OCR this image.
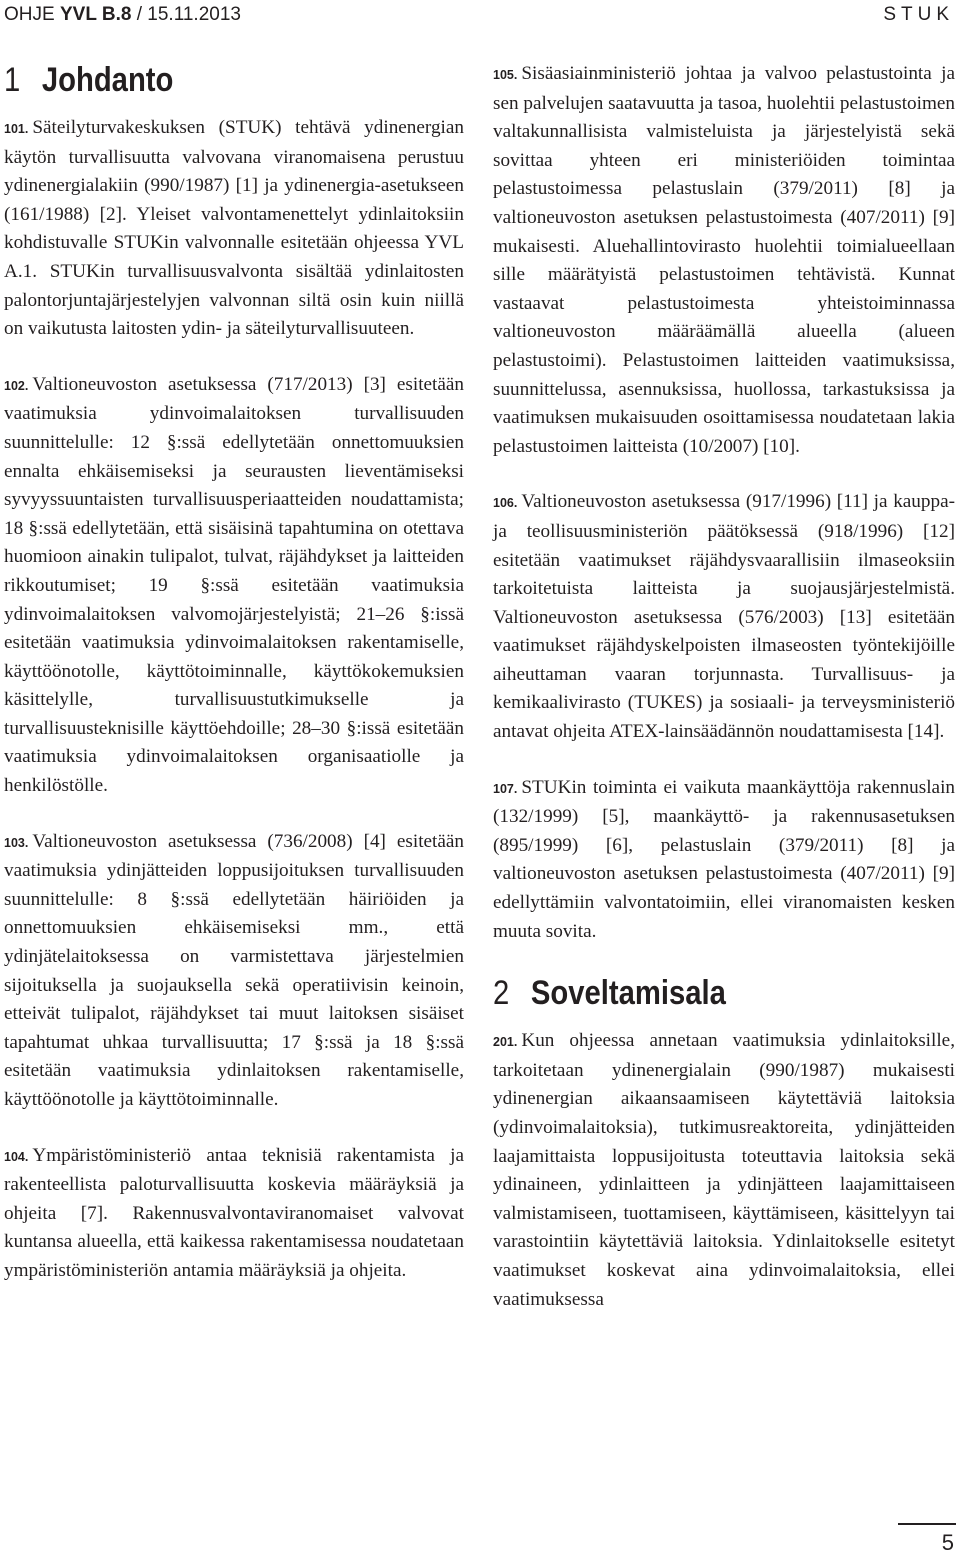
OHJE YVL B.8 / 15.11.2013	STUK
1 Johdanto

101. Säteilyturvakeskuksen (STUK) tehtävä ydinenergian käytön turvallisuutta valvovana viranomaisena perustuu ydinenergialakiin (990/1987) [1] ja ydinenergia-asetukseen (161/1988) [2]. Yleiset valvontamenettelyt ydinlaitoksiin kohdistuvalle STUKin valvonnalle esitetään ohjeessa YVL A.1. STUKin turvallisuusvalvonta sisältää ydinlaitosten palontorjuntajärjestelyjen valvonnan siltä osin kuin niillä on vaikutusta laitosten ydin- ja säteilyturvallisuuteen.

102. Valtioneuvoston asetuksessa (717/2013) [3] esitetään vaatimuksia ydinvoimalaitoksen turvallisuuden suunnittelulle: 12 §:ssä edellytetään onnettomuuksien ennalta ehkäisemiseksi ja seurausten lieventämiseksi syvyyssuuntaisten turvallisuusperiaatteiden noudattamista; 18 §:ssä edellytetään, että sisäisinä tapahtumina on otettava huomioon ainakin tulipalot, tulvat, räjähdykset ja laitteiden rikkoutumiset; 19 §:ssä esitetään vaatimuksia ydinvoimalaitoksen valvomojärjestelyistä; 21–26 §:issä esitetään vaatimuksia ydinvoimalaitoksen rakentamiselle, käyttöönotolle, käyttötoiminnalle, käyttökokemuksien käsittelylle, turvallisuustutkimukselle ja turvallisuusteknisille käyttöehdoille; 28–30 §:issä esitetään vaatimuksia ydinvoimalaitoksen organisaatiolle ja henkilöstölle.

103. Valtioneuvoston asetuksessa (736/2008) [4] esitetään vaatimuksia ydinjätteiden loppusijoituksen turvallisuuden suunnittelulle: 8 §:ssä edellytetään häiriöiden ja onnettomuuksien ehkäisemiseksi mm., että ydinjätelaitoksessa on varmistettava järjestelmien sijoituksella ja suojauksella sekä operatiivisin keinoin, etteivät tulipalot, räjähdykset tai muut laitoksen sisäiset tapahtumat uhkaa turvallisuutta; 17 §:ssä ja 18 §:ssä esitetään vaatimuksia ydinlaitoksen rakentamiselle, käyttöönotolle ja käyttötoiminnalle.

104. Ympäristöministeriö antaa teknisiä rakentamista ja rakenteellista paloturvallisuutta koskevia määräyksiä ja ohjeita [7]. Rakennusvalvontaviranomaiset valvovat kuntansa alueella, että kaikessa rakentamisessa noudatetaan ympäristöministeriön antamia määräyksiä ja ohjeita.

105. Sisäasiainministeriö johtaa ja valvoo pelastustointa ja sen palvelujen saatavuutta ja tasoa, huolehtii pelastustoimen valtakunnallisista valmisteluista ja järjestelyistä sekä sovittaa yhteen eri ministeriöiden toimintaa pelastustoimessa pelastuslain (379/2011) [8] ja valtioneuvoston asetuksen pelastustoimesta (407/2011) [9] mukaisesti. Aluehallintovirasto huolehtii toimialueellaan sille määrätyistä pelastustoimen tehtävistä. Kunnat vastaavat pelastustoimesta yhteistoiminnassa valtioneuvoston määräämällä alueella (alueen pelastustoimi). Pelastustoimen laitteiden vaatimuksissa, suunnittelussa, asennuksissa, huollossa, tarkastuksissa ja vaatimuksen mukaisuuden osoittamisessa noudatetaan lakia pelastustoimen laitteista (10/2007) [10].

106. Valtioneuvoston asetuksessa (917/1996) [11] ja kauppa- ja teollisuusministeriön päätöksessä (918/1996) [12] esitetään vaatimukset räjähdysvaarallisiin ilmaseoksiin tarkoitetuista laitteista ja suojausjärjestelmistä. Valtioneuvoston asetuksessa (576/2003) [13] esitetään vaatimukset räjähdyskelpoisten ilmaseosten työntekijöille aiheuttaman vaaran torjunnasta. Turvallisuus- ja kemikaalivirasto (TUKES) ja sosiaali- ja terveysministeriö antavat ohjeita ATEX-lainsäädännön noudattamisesta [14].

107. STUKin toiminta ei vaikuta maankäyttöja rakennuslain (132/1999) [5], maankäyttö- ja rakennusasetuksen (895/1999) [6], pelastuslain (379/2011) [8] ja valtioneuvoston asetuksen pelastustoimesta (407/2011) [9] edellyttämiin valvontatoimiin, ellei viranomaisten kesken muuta sovita.

2 Soveltamisala

201. Kun ohjeessa annetaan vaatimuksia ydinlaitoksille, tarkoitetaan ydinenergialain (990/1987) mukaisesti ydinenergian aikaansaamiseen käytettäviä laitoksia (ydinvoimalaitoksia), tutkimusreaktoreita, ydinjätteiden laajamittaista loppusijoitusta toteuttavia laitoksia sekä ydinaineen, ydinlaitteen ja ydinjätteen laajamittaiseen valmistamiseen, tuottamiseen, käyttämiseen, käsittelyyn tai varastointiin käytettäviä laitoksia. Ydinlaitokselle esitetyt vaatimukset koskevat aina ydinvoimalaitoksia, ellei vaatimuksessa

5
